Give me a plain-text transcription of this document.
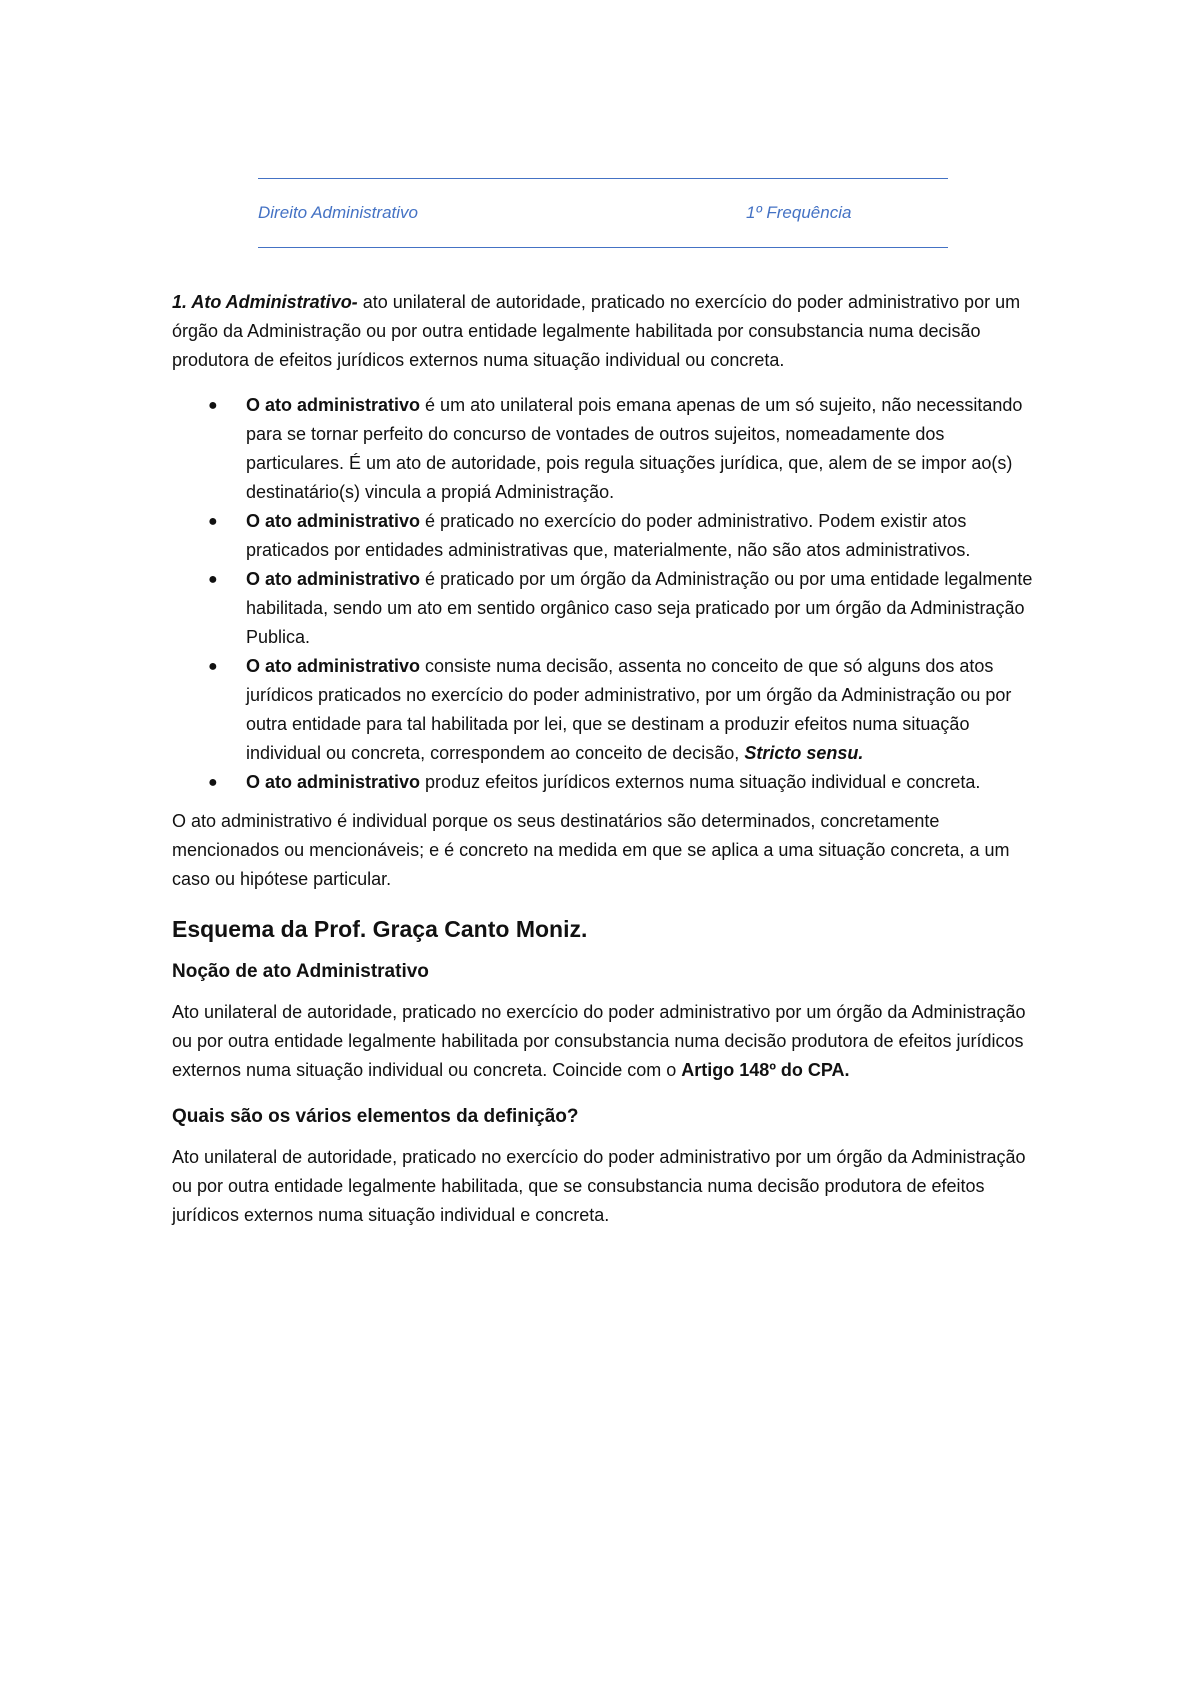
Direito Administrativo	1º Frequência

1. Ato Administrativo- ato unilateral de autoridade, praticado no exercício do poder administrativo por um órgão da Administração ou por outra entidade legalmente habilitada por consubstancia numa decisão produtora de efeitos jurídicos externos numa situação individual ou concreta.

● O ato administrativo é um ato unilateral pois emana apenas de um só sujeito, não necessitando para se tornar perfeito do concurso de vontades de outros sujeitos, nomeadamente dos particulares. É um ato de autoridade, pois regula situações jurídica, que, alem de se impor ao(s) destinatário(s) vincula a propiá Administração.
● O ato administrativo é praticado no exercício do poder administrativo. Podem existir atos praticados por entidades administrativas que, materialmente, não são atos administrativos.
● O ato administrativo é praticado por um órgão da Administração ou por uma entidade legalmente habilitada, sendo um ato em sentido orgânico caso seja praticado por um órgão da Administração Publica.
● O ato administrativo consiste numa decisão, assenta no conceito de que só alguns dos atos jurídicos praticados no exercício do poder administrativo, por um órgão da Administração ou por outra entidade para tal habilitada por lei, que se destinam a produzir efeitos numa situação individual ou concreta, correspondem ao conceito de decisão, Stricto sensu.
● O ato administrativo produz efeitos jurídicos externos numa situação individual e concreta.

O ato administrativo é individual porque os seus destinatários são determinados, concretamente mencionados ou mencionáveis; e é concreto na medida em que se aplica a uma situação concreta, a um caso ou hipótese particular.

Esquema da Prof. Graça Canto Moniz.
Noção de ato Administrativo

Ato unilateral de autoridade, praticado no exercício do poder administrativo por um órgão da Administração ou por outra entidade legalmente habilitada por consubstancia numa decisão produtora de efeitos jurídicos externos numa situação individual ou concreta. Coincide com o Artigo 148º do CPA.

Quais são os vários elementos da definição?

Ato unilateral de autoridade, praticado no exercício do poder administrativo por um órgão da Administração ou por outra entidade legalmente habilitada, que se consubstancia numa decisão produtora de efeitos jurídicos externos numa situação individual e concreta.
